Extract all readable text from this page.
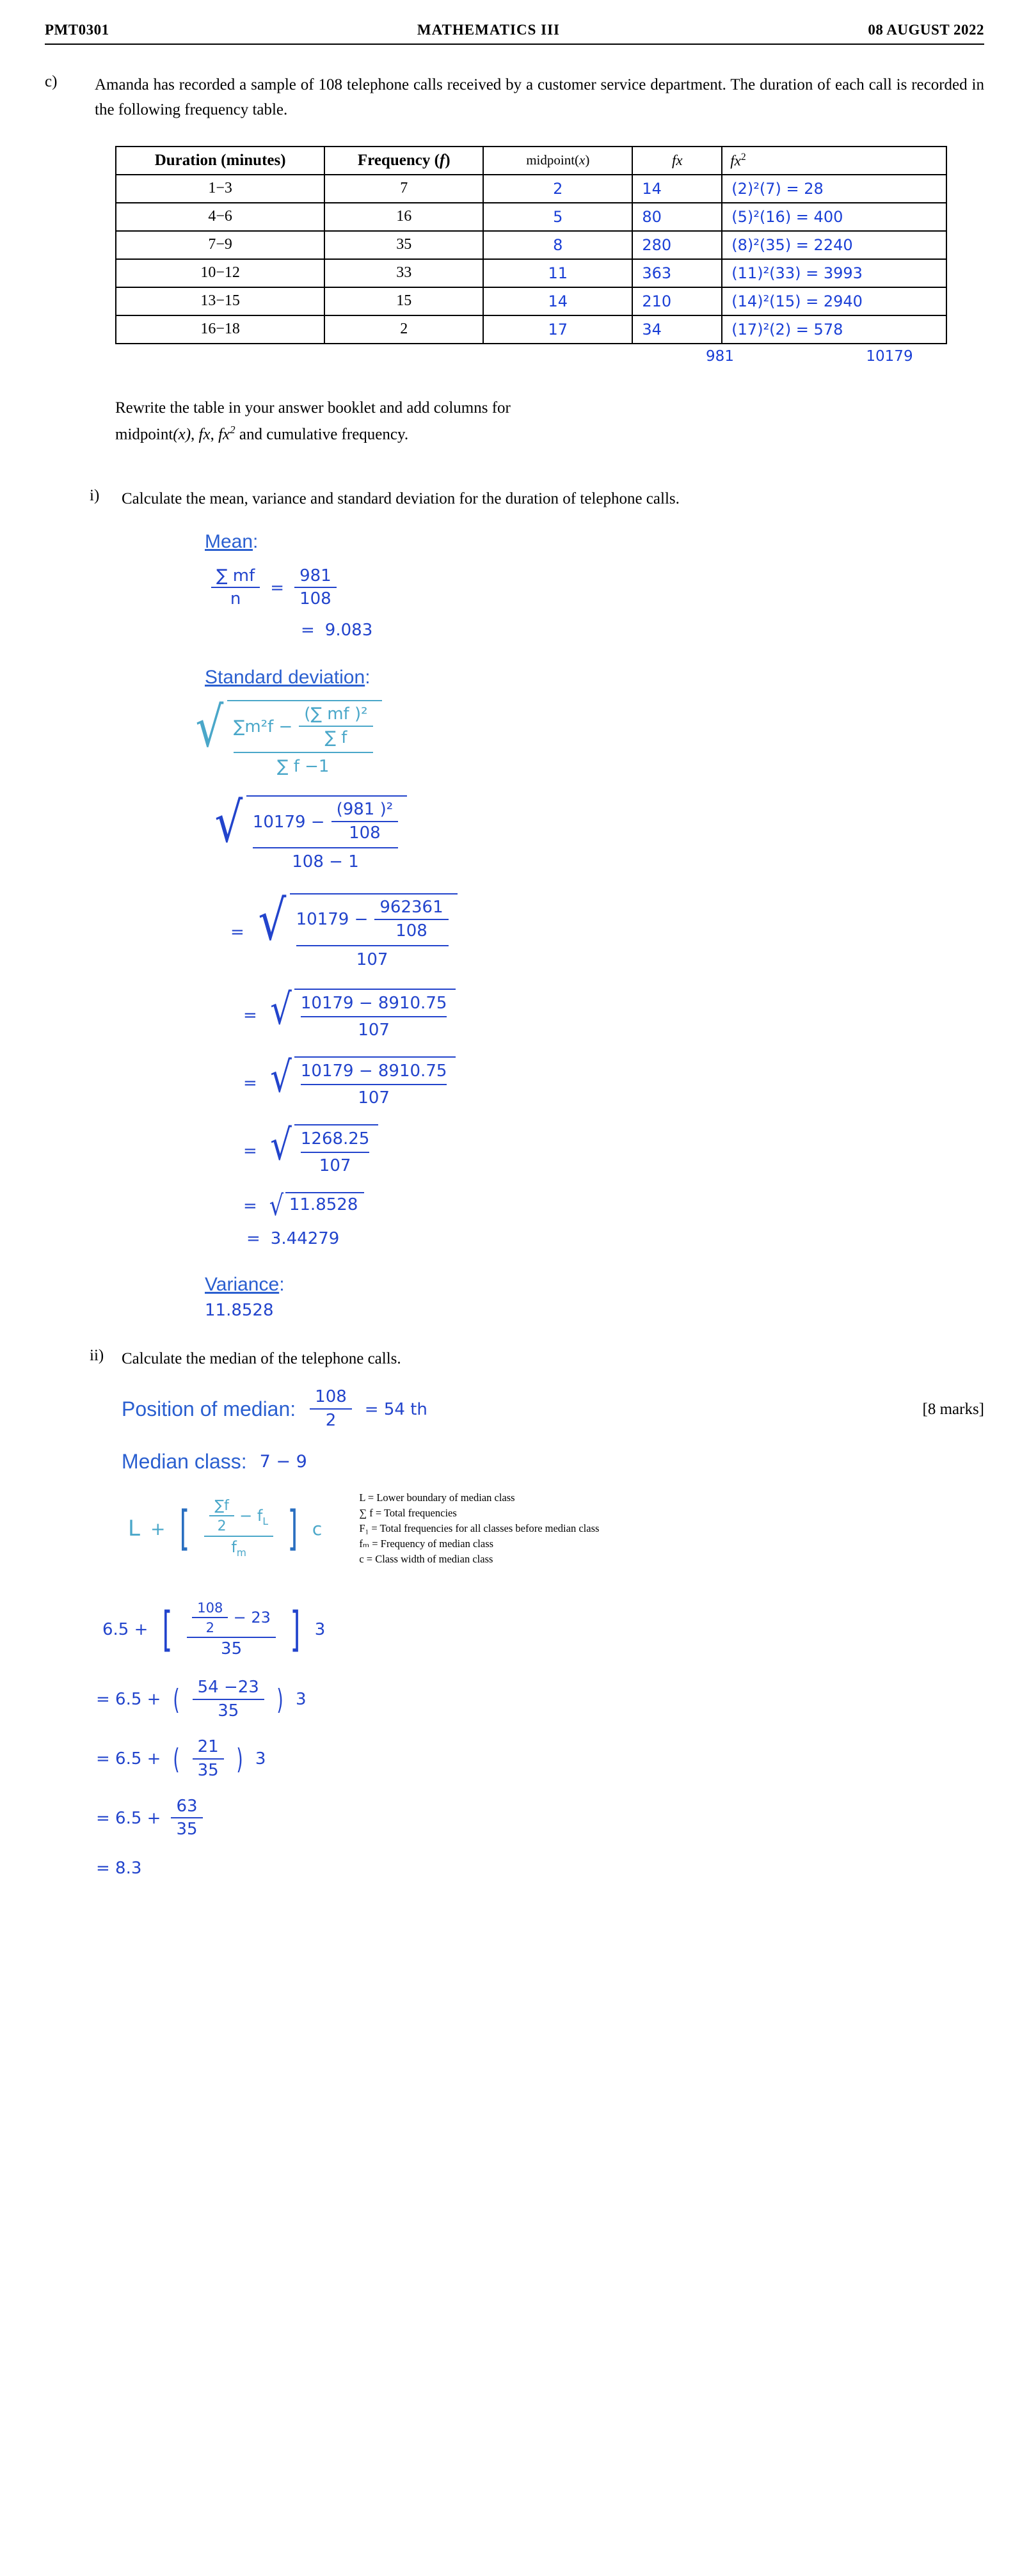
PMT0301	MATHEMATICS III	08 AUGUST 2022
c)	Amanda has recorded a sample of 108 telephone calls received by a customer service department. The duration of each call is recorded in the following frequency table.
Duration (minutes)	Frequency (f)	midpoint(x)	fx	$fx^2$
1−3	7	2	14	(2)²(7) = 28
4−6	16	5	80	(5)²(16) = 400
7−9	35	8	280	(8)²(35) = 2240
10−12	33	11	363	(11)²(33) = 3993
13−15	15	14	210	(14)²(15) = 2940
16−18	2	17	34	(17)²(2) = 578
981	10179
Rewrite the table in your answer booklet and add columns for
midpoint(x), fx, $fx^2$ and cumulative frequency.
i)	Calculate the mean, variance and standard deviation for the duration of telephone calls.
Mean:
$\frac{\sum mf}{n} = \frac{981}{108}$
= 9.083
Standard deviation:
√ $\frac{\sum m^2f - \frac{\text{(∑ mf )²}}{\sum f}}{\sum f -1}$
√ $\frac{10179 - \frac{\text{(981 )²}}{108}}{108 - 1}$
= √ $\frac{10179 - \frac{962361}{108}}{107}$
= √ $\frac{10179 - 8910.75}{107}$
= √ $\frac{10179 - 8910.75}{107}$
= √ $\frac{1268.25}{107}$
= √ 11.8528
= 3.44279
Variance:
11.8528
ii)	Calculate the median of the telephone calls.
Position of median: $\frac{108}{2} = 54$ th	[8 marks]
Median class: 7 − 9
L + [ $\frac{\frac{\sum f}{2} - f_L}{f_m}$ ] c
L = Lower boundary of median class
∑ f = Total frequencies
F₁ = Total frequencies for all classes before median class
fₘ = Frequency of median class
c = Class width of median class
6.5 + [ $\frac{\frac{108}{2} - 23}{35}$ ] 3
= 6.5 + ( $\frac{54 -23}{35}$ ) 3
= 6.5 + ( $\frac{21}{35}$ ) 3
= $6.5 + \frac{63}{35}$
= 8.3
